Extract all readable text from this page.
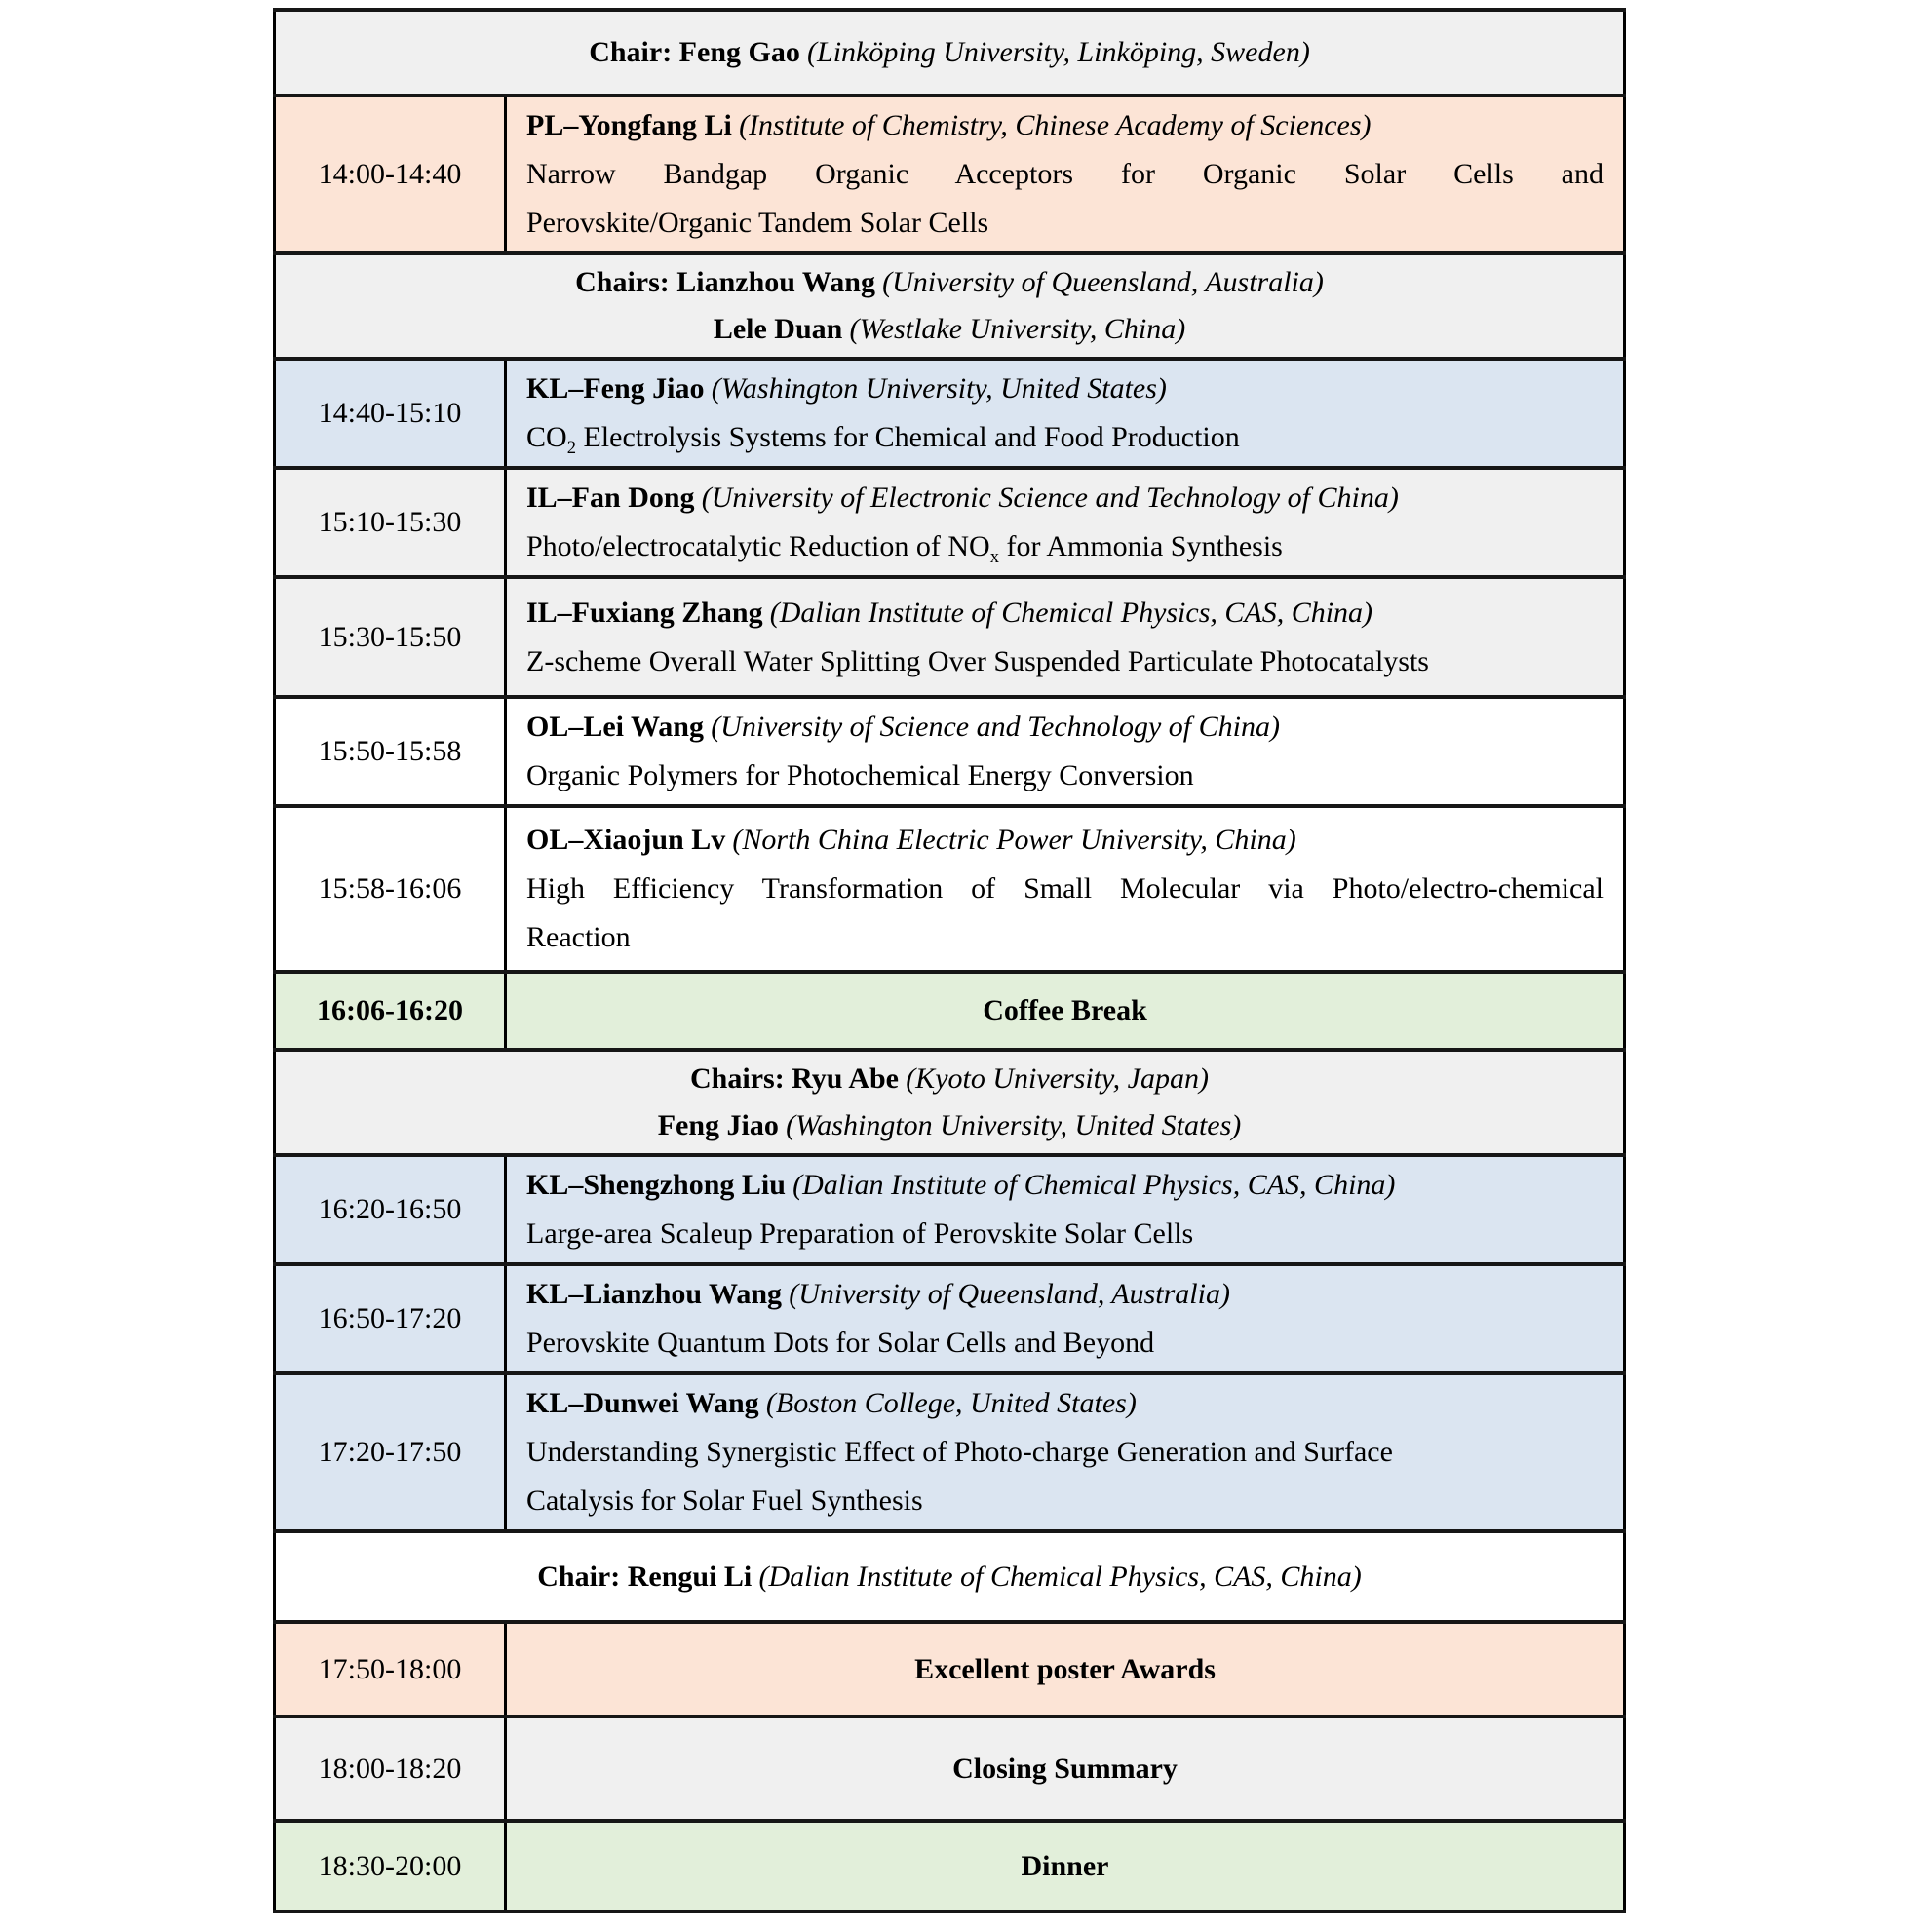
Chair: Feng Gao (Linköping University, Linköping, Sweden)	

14:00-14:40	PL–Yongfang Li (Institute of Chemistry, Chinese Academy of Sciences)
Narrow Bandgap Organic Acceptors for Organic Solar Cells and
Perovskite/Organic Tandem Solar Cells

Chairs: Lianzhou Wang (University of Queensland, Australia)
Lele Duan (Westlake University, China)	

14:40-15:10	KL–Feng Jiao (Washington University, United States)
$CO_2$ Electrolysis Systems for Chemical and Food Production

15:10-15:30	IL–Fan Dong (University of Electronic Science and Technology of China)
Photo/electrocatalytic Reduction of $NO_x$ for Ammonia Synthesis

15:30-15:50	IL–Fuxiang Zhang (Dalian Institute of Chemical Physics, CAS, China)
Z-scheme Overall Water Splitting Over Suspended Particulate Photocatalysts

15:50-15:58	OL–Lei Wang (University of Science and Technology of China)
Organic Polymers for Photochemical Energy Conversion

15:58-16:06	OL–Xiaojun Lv (North China Electric Power University, China)
High Efficiency Transformation of Small Molecular via Photo/electro-chemical
Reaction

16:06-16:20	Coffee Break

Chairs: Ryu Abe (Kyoto University, Japan)
Feng Jiao (Washington University, United States)	

16:20-16:50	KL–Shengzhong Liu (Dalian Institute of Chemical Physics, CAS, China)
Large-area Scaleup Preparation of Perovskite Solar Cells

16:50-17:20	KL–Lianzhou Wang (University of Queensland, Australia)
Perovskite Quantum Dots for Solar Cells and Beyond

17:20-17:50	KL–Dunwei Wang (Boston College, United States)
Understanding Synergistic Effect of Photo-charge Generation and Surface
Catalysis for Solar Fuel Synthesis

Chair: Rengui Li (Dalian Institute of Chemical Physics, CAS, China)	

17:50-18:00	Excellent poster Awards

18:00-18:20	Closing Summary

18:30-20:00	Dinner
